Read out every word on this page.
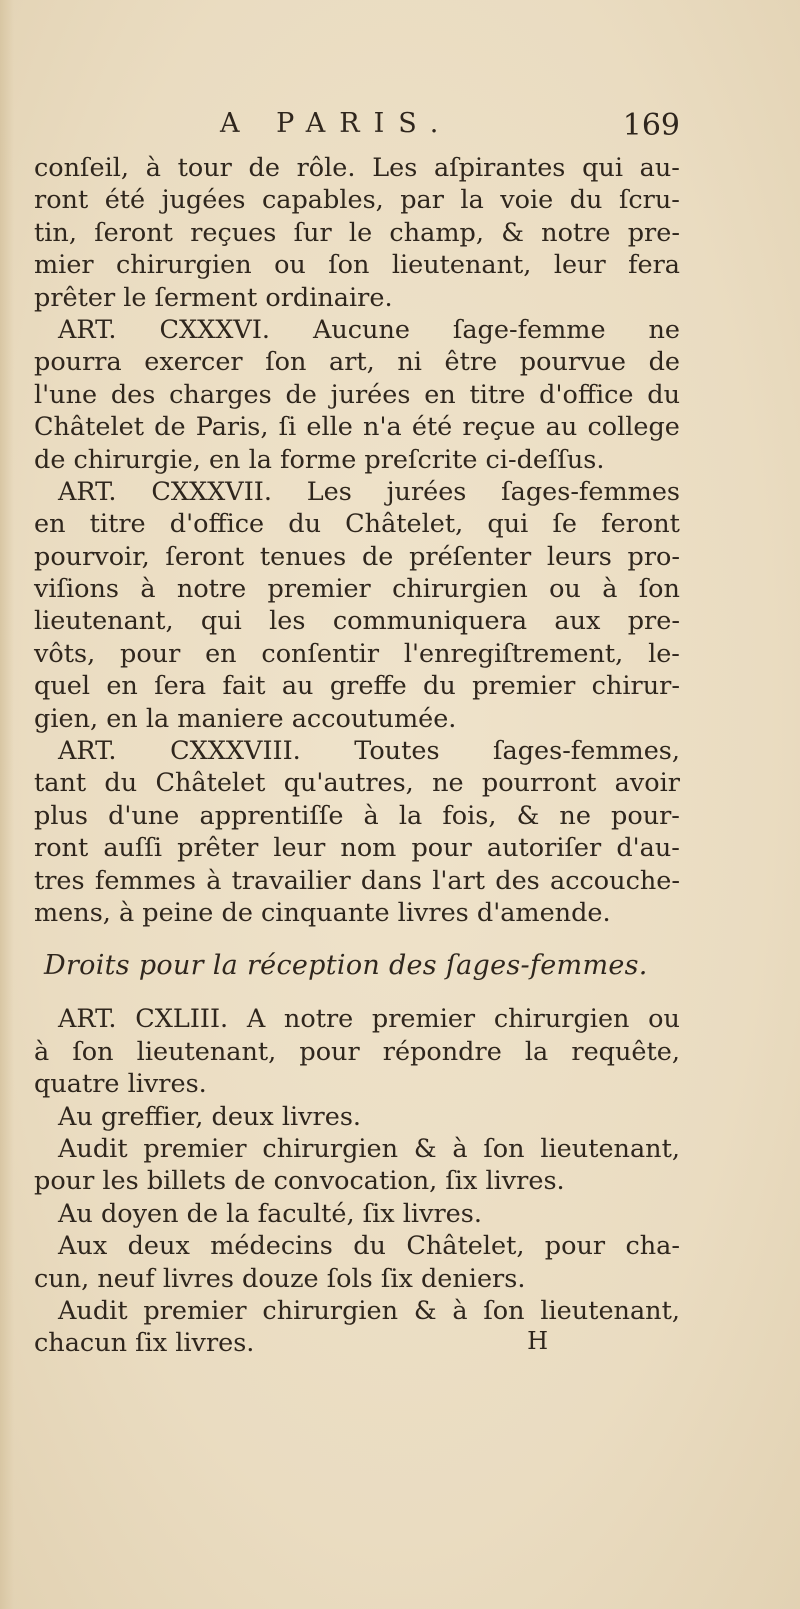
A PARIS.	169
conſeil, à tour de rôle. Les aſpirantes qui au-
ront été jugées capables, par la voie du ſcru-
tin, ſeront reçues ſur le champ, & notre pre-
mier chirurgien ou ſon lieutenant, leur fera
prêter le ſerment ordinaire.
ART. CXXXVI. Aucune ſage-femme ne
pourra exercer ſon art, ni être pourvue de
l'une des charges de jurées en titre d'office du
Châtelet de Paris, ſi elle n'a été reçue au college
de chirurgie, en la forme preſcrite ci-deſſus.
ART. CXXXVII. Les jurées ſages-femmes
en titre d'office du Châtelet, qui ſe feront
pourvoir, ſeront tenues de préſenter leurs pro-
viſions à notre premier chirurgien ou à ſon
lieutenant, qui les communiquera aux pre-
vôts, pour en conſentir l'enregiſtrement, le-
quel en ſera fait au greffe du premier chirur-
gien, en la maniere accoutumée.
ART. CXXXVIII. Toutes ſages-femmes,
tant du Châtelet qu'autres, ne pourront avoir
plus d'une apprentiſſe à la fois, & ne pour-
ront auſſi prêter leur nom pour autoriſer d'au-
tres femmes à travailier dans l'art des accouche-
mens, à peine de cinquante livres d'amende.
Droits pour la réception des ſages-femmes.
ART. CXLIII. A notre premier chirurgien ou
à ſon lieutenant, pour répondre la requête,
quatre livres.
Au greffier, deux livres.
Audit premier chirurgien & à ſon lieutenant,
pour les billets de convocation, ſix livres.
Au doyen de la faculté, ſix livres.
Aux deux médecins du Châtelet, pour cha-
cun, neuf livres douze ſols ſix deniers.
Audit premier chirurgien & à ſon lieutenant,
chacun ſix livres.	H
